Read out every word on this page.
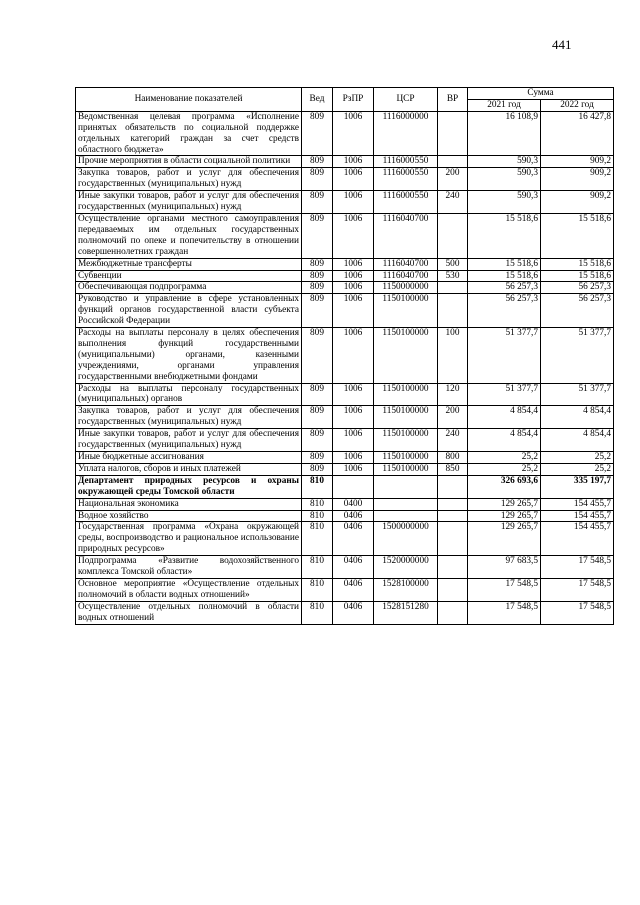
441
Наименование показателей	Вед	РзПР	ЦСР	ВР	Сумма	
					2021 год	2022 год
Ведомственная целевая программа «Исполнение принятых обязательств по социальной поддержке отдельных категорий граждан за счет средств областного бюджета»	809	1006	1116000000		16 108,9	16 427,8
Прочие мероприятия в области социальной политики	809	1006	1116000550		590,3	909,2
Закупка товаров, работ и услуг для обеспечения государственных (муниципальных) нужд	809	1006	1116000550	200	590,3	909,2
Иные закупки товаров, работ и услуг для обеспечения государственных (муниципальных) нужд	809	1006	1116000550	240	590,3	909,2
Осуществление органами местного самоуправления передаваемых им отдельных государственных полномочий по опеке и попечительству в отношении совершеннолетних граждан	809	1006	1116040700		15 518,6	15 518,6
Межбюджетные трансферты	809	1006	1116040700	500	15 518,6	15 518,6
Субвенции	809	1006	1116040700	530	15 518,6	15 518,6
Обеспечивающая подпрограмма	809	1006	1150000000		56 257,3	56 257,3
Руководство и управление в сфере установленных функций органов государственной власти субъекта Российской Федерации	809	1006	1150100000		56 257,3	56 257,3
Расходы на выплаты персоналу в целях обеспечения выполнения функций государственными (муниципальными) органами, казенными учреждениями, органами управления государственными внебюджетными фондами	809	1006	1150100000	100	51 377,7	51 377,7
Расходы на выплаты персоналу государственных (муниципальных) органов	809	1006	1150100000	120	51 377,7	51 377,7
Закупка товаров, работ и услуг для обеспечения государственных (муниципальных) нужд	809	1006	1150100000	200	4 854,4	4 854,4
Иные закупки товаров, работ и услуг для обеспечения государственных (муниципальных) нужд	809	1006	1150100000	240	4 854,4	4 854,4
Иные бюджетные ассигнования	809	1006	1150100000	800	25,2	25,2
Уплата налогов, сборов и иных платежей	809	1006	1150100000	850	25,2	25,2
Департамент природных ресурсов и охраны окружающей среды Томской области	810				326 693,6	335 197,7
Национальная экономика	810	0400			129 265,7	154 455,7
Водное хозяйство	810	0406			129 265,7	154 455,7
Государственная программа «Охрана окружающей среды, воспроизводство и рациональное использование природных ресурсов»	810	0406	1500000000		129 265,7	154 455,7
Подпрограмма «Развитие водохозяйственного комплекса Томской области»	810	0406	1520000000		97 683,5	17 548,5
Основное мероприятие «Осуществление отдельных полномочий в области водных отношений»	810	0406	1528100000		17 548,5	17 548,5
Осуществление отдельных полномочий в области водных отношений	810	0406	1528151280		17 548,5	17 548,5
